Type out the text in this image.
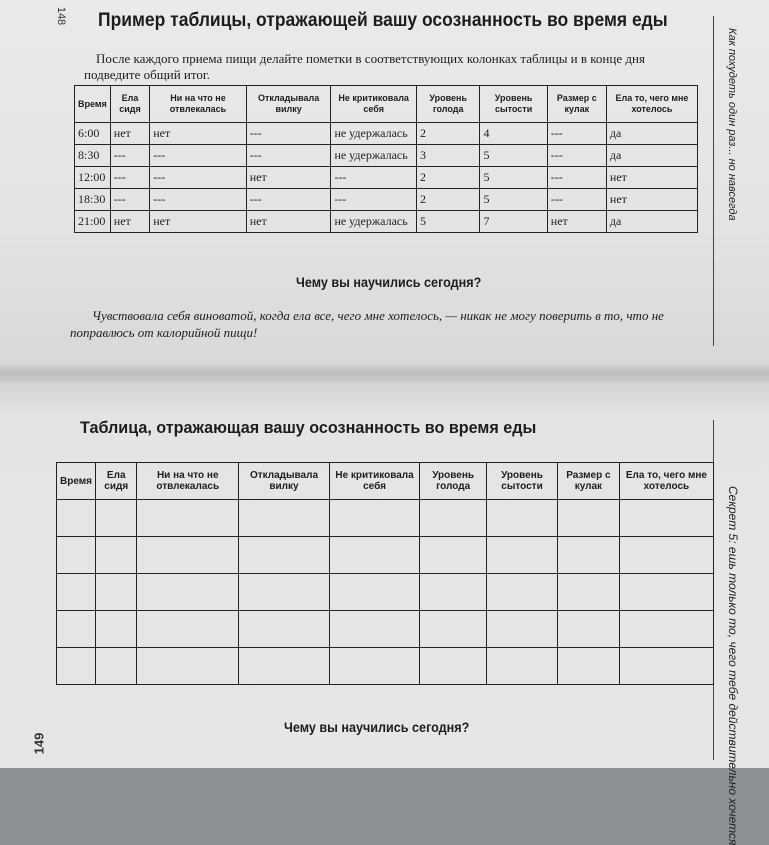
148
149
Как похудеть один раз... но навсегда
Секрет 5: ешь только то, чего тебе действительно хочется
Пример таблицы, отражающей вашу осознанность во время еды

После каждого приема пищи делайте пометки в соответствующих колонках таблицы и в конце дня подведите общий итог.

Время	Ела сидя	Ни на что не отвлекалась	Откладывала вилку	Не критиковала себя	Уровень голода	Уровень сытости	Размер с кулак	Ела то, чего мне хотелось
6:00	нет	нет	---	не удержалась	2	4	---	да
8:30	---	---	---	не удержалась	3	5	---	да
12:00	---	---	нет	---	2	5	---	нет
18:30	---	---	---	---	2	5	---	нет
21:00	нет	нет	нет	не удержалась	5	7	нет	да
Чему вы научились сегодня?

Чувствовала себя виноватой, когда ела все, чего мне хотелось, — никак не могу поверить в то, что не поправлюсь от калорийной пищи!

Таблица, отражающая вашу осознанность во время еды
Время	Ела сидя	Ни на что не отвлекалась	Откладывала вилку	Не критиковала себя	Уровень голода	Уровень сытости	Размер с кулак	Ела то, чего мне хотелось

Чему вы научились сегодня?
